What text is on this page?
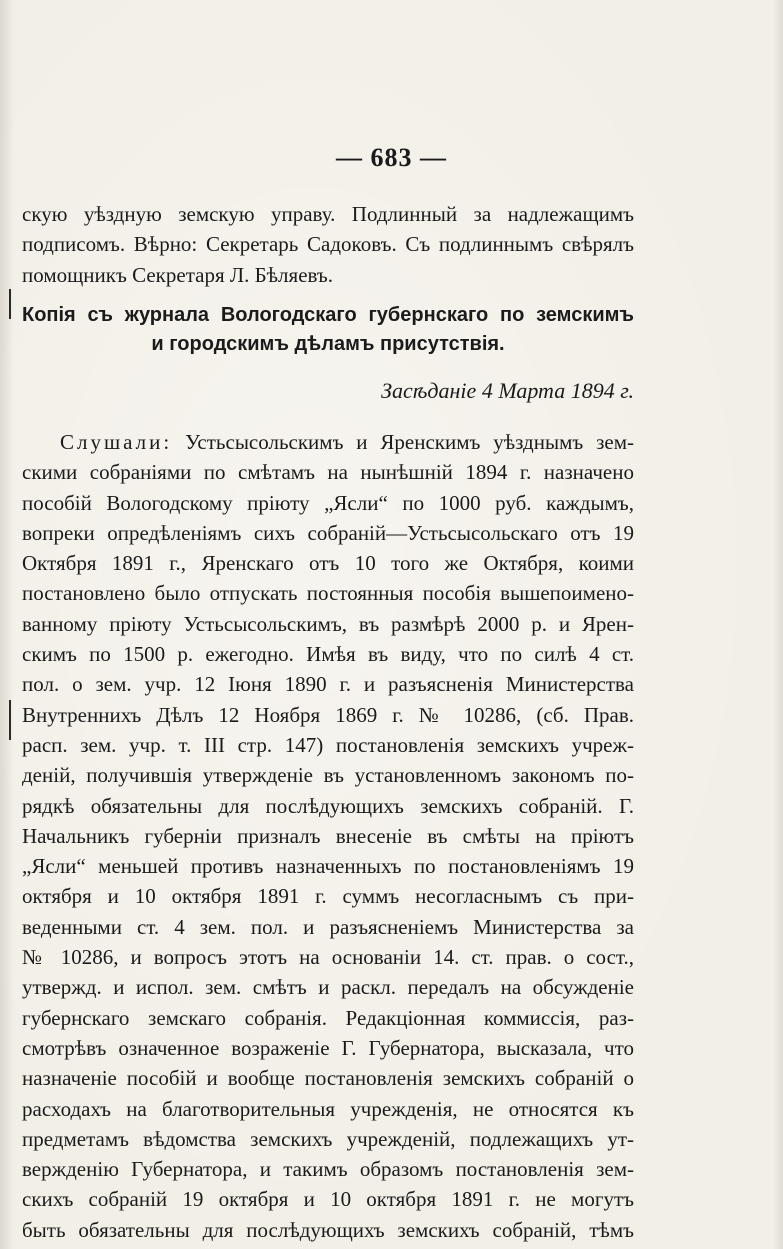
— 683 —
скую уѣздную земскую управу. Подлинный за надлежащимъ
подписомъ. Вѣрно: Секретарь Садоковъ. Съ подлиннымъ свѣрялъ
помощникъ Секретаря Л. Бѣляевъ.
Копія съ журнала Вологодскаго губернскаго по земскимъ
и городскимъ дѣламъ присутствія.
Засѣданіе 4 Марта 1894 г.
Слушали: Устьсысольскимъ и Яренскимъ уѣзднымъ зем-
скими собраніями по смѣтамъ на нынѣшній 1894 г. назначено
пособій Вологодскому пріюту „Ясли“ по 1000 руб. каждымъ,
вопреки опредѣленіямъ сихъ собраній—Устьсысольскаго отъ 19
Октября 1891 г., Яренскаго отъ 10 того же Октября, коими
постановлено было отпускать постоянныя пособія вышепоимено-
ванному пріюту Устьсысольскимъ, въ размѣрѣ 2000 р. и Ярен-
скимъ по 1500 р. ежегодно. Имѣя въ виду, что по силѣ 4 ст.
пол. о зем. учр. 12 Іюня 1890 г. и разъясненія Министерства
Внутреннихъ Дѣлъ 12 Ноября 1869 г. № 10286, (сб. Прав.
расп. зем. учр. т. III стр. 147) постановленія земскихъ учреж-
деній, получившія утвержденіе въ установленномъ закономъ по-
рядкѣ обязательны для послѣдующихъ земскихъ собраній. Г.
Начальникъ губерніи призналъ внесеніе въ смѣты на пріютъ
„Ясли“ меньшей противъ назначенныхъ по постановленіямъ 19
октября и 10 октября 1891 г. суммъ несогласнымъ съ при-
веденными ст. 4 зем. пол. и разъясненіемъ Министерства за
№ 10286, и вопросъ этотъ на основаніи 14. ст. прав. о сост.,
утвержд. и испол. зем. смѣтъ и раскл. передалъ на обсужденіе
губернскаго земскаго собранія. Редакціонная коммиссія, раз-
смотрѣвъ означенное возраженіе Г. Губернатора, высказала, что
назначеніе пособій и вообще постановленія земскихъ собраній о
расходахъ на благотворительныя учрежденія, не относятся къ
предметамъ вѣдомства земскихъ учрежденій, подлежащихъ ут-
вержденію Губернатора, и такимъ образомъ постановленія зем-
скихъ собраній 19 октября и 10 октября 1891 г. не могутъ
быть обязательны для послѣдующихъ земскихъ собраній, тѣмъ
